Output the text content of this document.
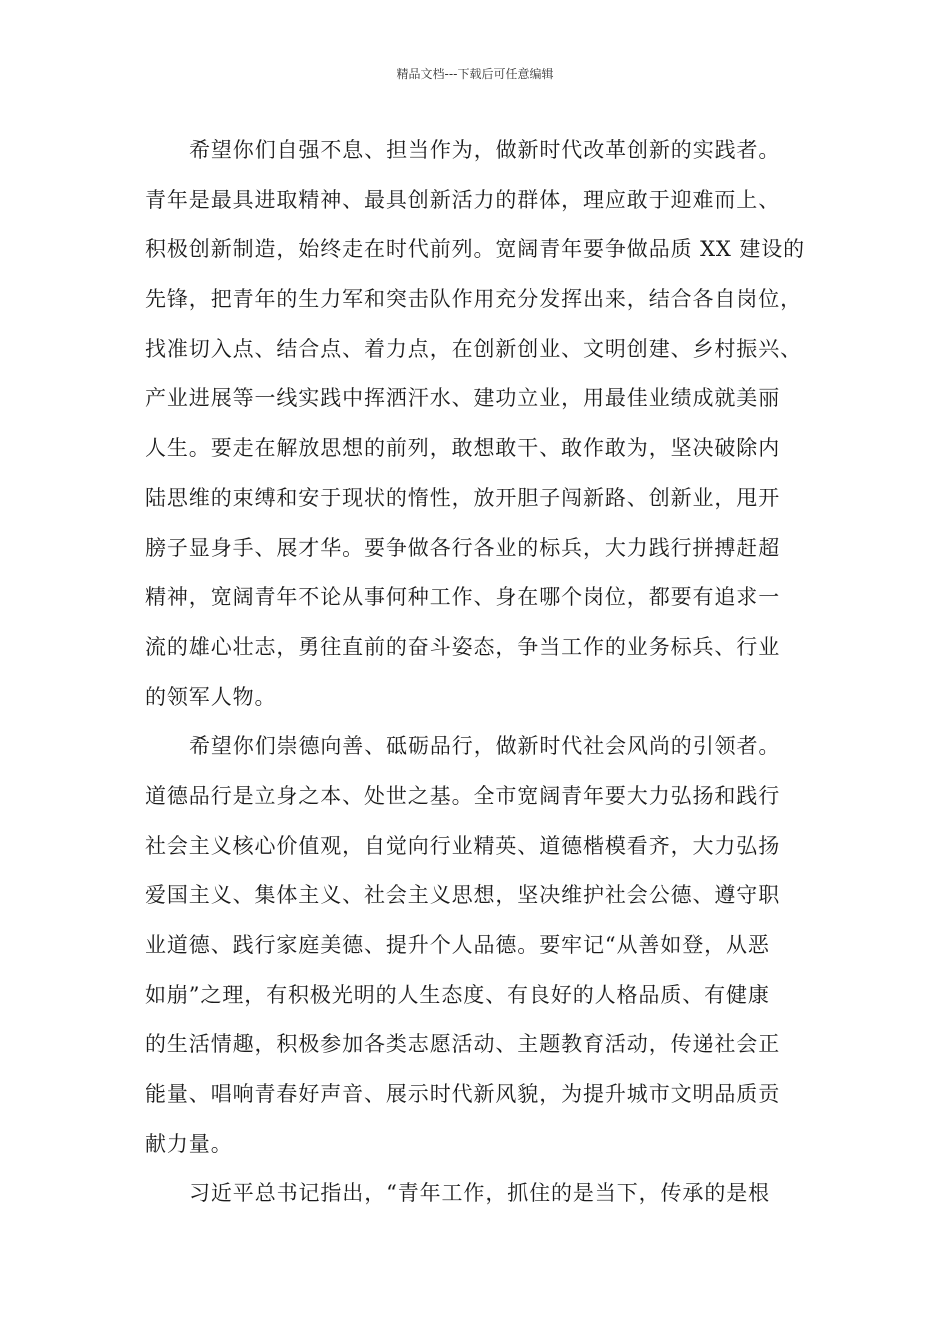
精品文档---下载后可任意编辑
希望你们自强不息、担当作为，做新时代改革创新的实践者。
青年是最具进取精神、最具创新活力的群体，理应敢于迎难而上、
积极创新制造，始终走在时代前列。宽阔青年要争做品质 XX 建设的
先锋，把青年的生力军和突击队作用充分发挥出来，结合各自岗位，
找准切入点、结合点、着力点，在创新创业、文明创建、乡村振兴、
产业进展等一线实践中挥洒汗水、建功立业，用最佳业绩成就美丽
人生。要走在解放思想的前列，敢想敢干、敢作敢为，坚决破除内
陆思维的束缚和安于现状的惰性，放开胆子闯新路、创新业，甩开
膀子显身手、展才华。要争做各行各业的标兵，大力践行拼搏赶超
精神，宽阔青年不论从事何种工作、身在哪个岗位，都要有追求一
流的雄心壮志，勇往直前的奋斗姿态，争当工作的业务标兵、行业
的领军人物。
希望你们崇德向善、砥砺品行，做新时代社会风尚的引领者。
道德品行是立身之本、处世之基。全市宽阔青年要大力弘扬和践行
社会主义核心价值观，自觉向行业精英、道德楷模看齐，大力弘扬
爱国主义、集体主义、社会主义思想，坚决维护社会公德、遵守职
业道德、践行家庭美德、提升个人品德。要牢记“从善如登，从恶
如崩”之理，有积极光明的人生态度、有良好的人格品质、有健康
的生活情趣，积极参加各类志愿活动、主题教育活动，传递社会正
能量、唱响青春好声音、展示时代新风貌，为提升城市文明品质贡
献力量。
习近平总书记指出，“青年工作，抓住的是当下，传承的是根
